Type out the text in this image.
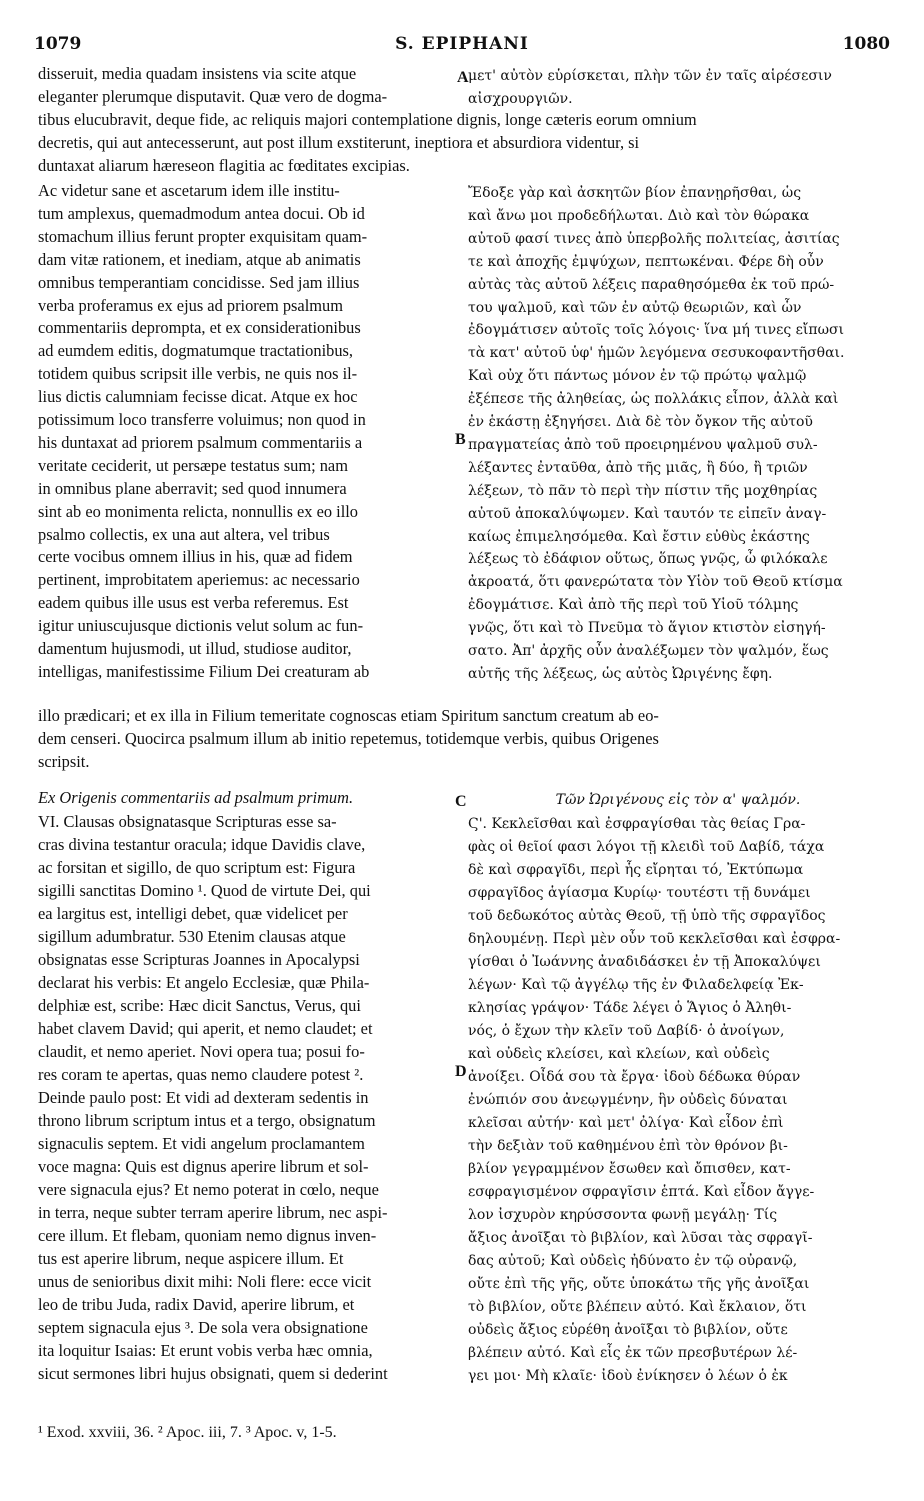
1079	S. EPIPHANI	1080
disseruit, media quadam insistens via scite atque
eleganter plerumque disputavit. Quæ vero de dogma-
μετ' αὐτὸν εὑρίσκεται, πλὴν τῶν ἐν ταῖς αἱρέσεσιν
αἰσχρουργιῶν.
tibus elucubravit, deque fide, ac reliquis majori contemplatione dignis, longe cæteris eorum omnium
decretis, qui aut antecesserunt, aut post illum exstiterunt, ineptiora et absurdiora videntur, si
duntaxat aliarum hæreseon flagitia ac fœditates excipias.
Ac videtur sane et ascetarum idem ille institu-
tum amplexus, quemadmodum antea docui. Ob id
stomachum illius ferunt propter exquisitam quam-
dam vitæ rationem, et inediam, atque ab animatis
omnibus temperantiam concidisse. Sed jam illius
verba proferamus ex ejus ad priorem psalmum
commentariis deprompta, et ex considerationibus
ad eumdem editis, dogmatumque tractationibus,
totidem quibus scripsit ille verbis, ne quis nos il-
lius dictis calumniam fecisse dicat. Atque ex hoc
potissimum loco transferre voluimus; non quod in
his duntaxat ad priorem psalmum commentariis a
veritate ceciderit, ut persæpe testatus sum; nam
in omnibus plane aberravit; sed quod innumera
sint ab eo monimenta relicta, nonnullis ex eo illo
psalmo collectis, ex una aut altera, vel tribus
certe vocibus omnem illius in his, quæ ad fidem
pertinent, improbitatem aperiemus: ac necessario
eadem quibus ille usus est verba referemus. Est
igitur uniuscujusque dictionis velut solum ac fun-
damentum hujusmodi, ut illud, studiose auditor,
intelligas, manifestissime Filium Dei creaturam ab
Ἔδοξε γὰρ καὶ ἀσκητῶν βίον ἐπανῃρῆσθαι, ὡς
καὶ ἄνω μοι προδεδήλωται. Διὸ καὶ τὸν θώρακα
αὐτοῦ φασί τινες ἀπὸ ὑπερβολῆς πολιτείας, ἀσιτίας
τε καὶ ἀποχῆς ἐμψύχων, πεπτωκέναι. Φέρε δὴ οὖν
αὐτὰς τὰς αὐτοῦ λέξεις παραθησόμεθα ἐκ τοῦ πρώ-
του ψαλμοῦ, καὶ τῶν ἐν αὐτῷ θεωριῶν, καὶ ὧν
ἐδογμάτισεν αὐτοῖς τοῖς λόγοις· ἵνα μή τινες εἴπωσι
τὰ κατ' αὐτοῦ ὑφ' ἡμῶν λεγόμενα σεσυκοφαντῆσθαι.
Καὶ οὐχ ὅτι πάντως μόνον ἐν τῷ πρώτῳ ψαλμῷ
ἐξέπεσε τῆς ἀληθείας, ὡς πολλάκις εἶπον, ἀλλὰ καὶ
ἐν ἑκάστῃ ἐξηγήσει. Διὰ δὲ τὸν ὄγκον τῆς αὐτοῦ
πραγματείας ἀπὸ τοῦ προειρημένου ψαλμοῦ συλ-
λέξαντες ἐνταῦθα, ἀπὸ τῆς μιᾶς, ἢ δύο, ἢ τριῶν
λέξεων, τὸ πᾶν τὸ περὶ τὴν πίστιν τῆς μοχθηρίας
αὐτοῦ ἀποκαλύψωμεν. Καὶ ταυτόν τε εἰπεῖν ἀναγ-
καίως ἐπιμελησόμεθα. Καὶ ἔστιν εὐθὺς ἑκάστης
λέξεως τὸ ἐδάφιον οὕτως, ὅπως γνῷς, ὦ φιλόκαλε
ἀκροατά, ὅτι φανερώτατα τὸν Υἱὸν τοῦ Θεοῦ κτίσμα
ἐδογμάτισε. Καὶ ἀπὸ τῆς περὶ τοῦ Υἱοῦ τόλμης
γνῷς, ὅτι καὶ τὸ Πνεῦμα τὸ ἅγιον κτιστὸν εἰσηγή-
σατο. Ἀπ' ἀρχῆς οὖν ἀναλέξωμεν τὸν ψαλμόν, ἕως
αὐτῆς τῆς λέξεως, ὡς αὐτὸς Ὠριγένης ἔφη.
illo prædicari; et ex illa in Filium temeritate cognoscas etiam Spiritum sanctum creatum ab eo-
dem censeri. Quocirca psalmum illum ab initio repetemus, totidemque verbis, quibus Origenes
scripsit.
VI. Clausas obsignatasque Scripturas esse sa-
cras divina testantur oracula; idque Davidis clave,
ac forsitan et sigillo, de quo scriptum est: Figura
sigilli sanctitas Domino ¹. Quod de virtute Dei, qui
ea largitus est, intelligi debet, quæ videlicet per
sigillum adumbratur. 530 Etenim clausas atque
obsignatas esse Scripturas Joannes in Apocalypsi
declarat his verbis: Et angelo Ecclesiæ, quæ Phila-
delphiæ est, scribe: Hæc dicit Sanctus, Verus, qui
habet clavem David; qui aperit, et nemo claudet; et
claudit, et nemo aperiet. Novi opera tua; posui fo-
res coram te apertas, quas nemo claudere potest ².
Deinde paulo post: Et vidi ad dexteram sedentis in
throno librum scriptum intus et a tergo, obsignatum
signaculis septem. Et vidi angelum proclamantem
voce magna: Quis est dignus aperire librum et sol-
vere signacula ejus? Et nemo poterat in cœlo, neque
in terra, neque subter terram aperire librum, nec aspi-
cere illum. Et flebam, quoniam nemo dignus inven-
tus est aperire librum, neque aspicere illum. Et
unus de senioribus dixit mihi: Noli flere: ecce vicit
leo de tribu Juda, radix David, aperire librum, et
septem signacula ejus ³. De sola vera obsignatione
ita loquitur Isaias: Et erunt vobis verba hæc omnia,
sicut sermones libri hujus obsignati, quem si dederint
Ϛ'. Κεκλεῖσθαι καὶ ἐσφραγίσθαι τὰς θείας Γρα-
φὰς οἱ θεῖοί φασι λόγοι τῇ κλειδὶ τοῦ Δαβίδ, τάχα
δὲ καὶ σφραγῖδι, περὶ ἧς εἴρηται τό, Ἐκτύπωμα
σφραγῖδος ἁγίασμα Κυρίῳ· τουτέστι τῇ δυνάμει
τοῦ δεδωκότος αὐτὰς Θεοῦ, τῇ ὑπὸ τῆς σφραγῖδος
δηλουμένῃ. Περὶ μὲν οὖν τοῦ κεκλεῖσθαι καὶ ἐσφρα-
γίσθαι ὁ Ἰωάννης ἀναδιδάσκει ἐν τῇ Ἀποκαλύψει
λέγων· Καὶ τῷ ἀγγέλῳ τῆς ἐν Φιλαδελφείᾳ Ἐκ-
κλησίας γράψον· Τάδε λέγει ὁ Ἅγιος ὁ Ἀληθι-
νός, ὁ ἔχων τὴν κλεῖν τοῦ Δαβίδ· ὁ ἀνοίγων,
καὶ οὐδεὶς κλείσει, καὶ κλείων, καὶ οὐδεὶς
ἀνοίξει. Οἶδά σου τὰ ἔργα· ἰδοὺ δέδωκα θύραν
ἐνώπιόν σου ἀνεῳγμένην, ἣν οὐδεὶς δύναται
κλεῖσαι αὐτήν· καὶ μετ' ὀλίγα· Καὶ εἶδον ἐπὶ
τὴν δεξιὰν τοῦ καθημένου ἐπὶ τὸν θρόνον βι-
βλίον γεγραμμένον ἔσωθεν καὶ ὄπισθεν, κατ-
εσφραγισμένον σφραγῖσιν ἑπτά. Καὶ εἶδον ἄγγε-
λον ἰσχυρὸν κηρύσσοντα φωνῇ μεγάλῃ· Τίς
ἄξιος ἀνοῖξαι τὸ βιβλίον, καὶ λῦσαι τὰς σφραγῖ-
δας αὐτοῦ; Καὶ οὐδεὶς ἠδύνατο ἐν τῷ οὐρανῷ,
οὔτε ἐπὶ τῆς γῆς, οὔτε ὑποκάτω τῆς γῆς ἀνοῖξαι
τὸ βιβλίον, οὔτε βλέπειν αὐτό. Καὶ ἔκλαιον, ὅτι
οὐδεὶς ἄξιος εὑρέθη ἀνοῖξαι τὸ βιβλίον, οὔτε
βλέπειν αὐτό. Καὶ εἷς ἐκ τῶν πρεσβυτέρων λέ-
γει μοι· Μὴ κλαῖε· ἰδοὺ ἐνίκησεν ὁ λέων ὁ ἐκ
Ex Origenis commentariis ad psalmum primum.	Τῶν Ὠριγένους εἰς τὸν α' ψαλμόν.
A
B
C
D
¹ Exod. xxviii, 36. ² Apoc. iii, 7. ³ Apoc. v, 1-5.
